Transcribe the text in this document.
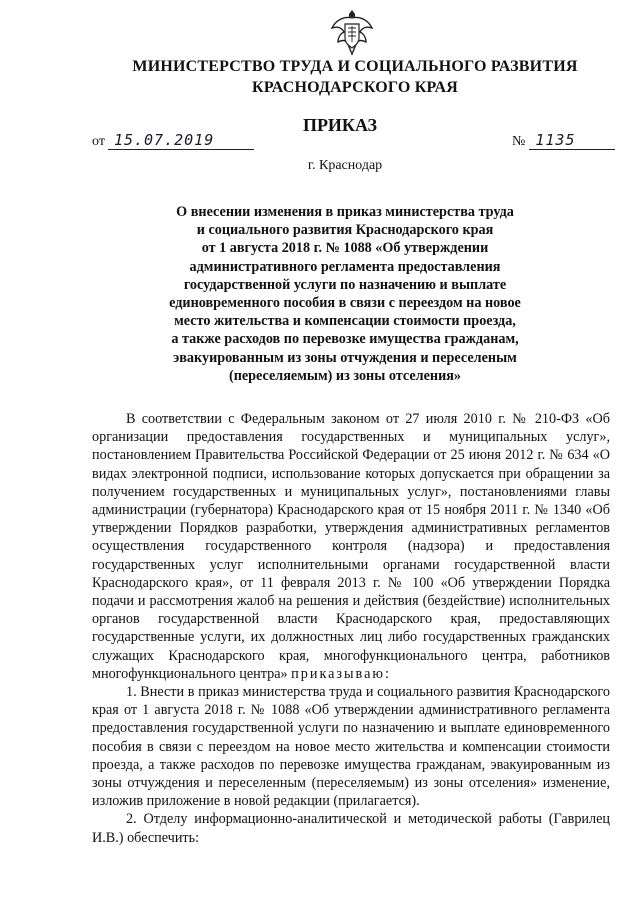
МИНИСТЕРСТВО ТРУДА И СОЦИАЛЬНОГО РАЗВИТИЯ
КРАСНОДАРСКОГО КРАЯ
ПРИКАЗ
от 15.07.2019	№ 1135
г. Краснодар
О внесении изменения в приказ министерства труда
и социального развития Краснодарского края
от 1 августа 2018 г. № 1088 «Об утверждении
административного регламента предоставления
государственной услуги по назначению и выплате
единовременного пособия в связи с переездом на новое
место жительства и компенсации стоимости проезда,
а также расходов по перевозке имущества гражданам,
эвакуированным из зоны отчуждения и переселеным
(переселяемым) из зоны отселения»

В соответствии с Федеральным законом от 27 июля 2010 г. № 210-ФЗ «Об организации предоставления государственных и муниципальных услуг», постановлением Правительства Российской Федерации от 25 июня 2012 г. № 634 «О видах электронной подписи, использование которых допускается при обращении за получением государственных и муниципальных услуг», постановлениями главы администрации (губернатора) Краснодарского края от 15 ноября 2011 г. № 1340 «Об утверждении Порядков разработки, утверждения административных регламентов осуществления государственного контроля (надзора) и предоставления государственных услуг исполнительными органами государственной власти Краснодарского края», от 11 февраля 2013 г. № 100 «Об утверждении Порядка подачи и рассмотрения жалоб на решения и действия (бездействие) исполнительных органов государственной власти Краснодарского края, предоставляющих государственные услуги, их должностных лиц либо государственных гражданских служащих Краснодарского края, многофункционального центра, работников многофункционального центра» приказываю:

1. Внести в приказ министерства труда и социального развития Краснодарского края от 1 августа 2018 г. № 1088 «Об утверждении административного регламента предоставления государственной услуги по назначению и выплате единовременного пособия в связи с переездом на новое место жительства и компенсации стоимости проезда, а также расходов по перевозке имущества гражданам, эвакуированным из зоны отчуждения и переселенным (переселяемым) из зоны отселения» изменение, изложив приложение в новой редакции (прилагается).

2. Отделу информационно-аналитической и методической работы (Гаврилец И.В.) обеспечить:
